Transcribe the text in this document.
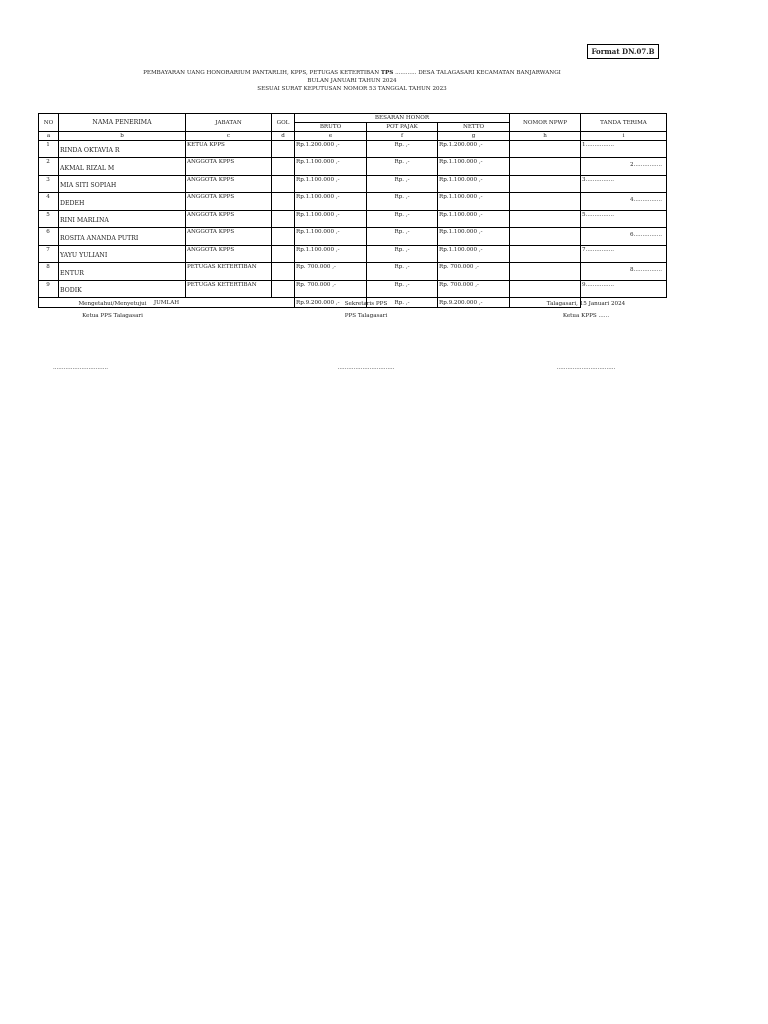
Format DN.07.B
PEMBAYARAN UANG HONORARIUM PANTARLIH, KPPS, PETUGAS KETERTIBAN TPS ............ DESA TALAGASARI KECAMATAN BANJARWANGI
BULAN JANUARI TAHUN 2024
SESUAI SURAT KEPUTUSAN NOMOR 53 TANGGAL TAHUN 2023
NO	NAMA PENERIMA	JABATAN	GOL	BESARAN HONOR			NOMOR NPWP	TANDA TERIMA
				BRUTO	POT PAJAK	NETTO		
a	b	c	d	e	f	g	h	i
1	RINDA OKTAVIA R	KETUA KPPS		Rp.1.200.000 ,-	Rp. ,-	Rp.1.200.000 ,-		1................
2	AKMAL RIZAL M	ANGGOTA KPPS		Rp.1.100.000 ,-	Rp. ,-	Rp.1.100.000 ,-		2................
3	MIA SITI SOPIAH	ANGGOTA KPPS		Rp.1.100.000 ,-	Rp. ,-	Rp.1.100.000 ,-		3................
4	DEDEH	ANGGOTA KPPS		Rp.1.100.000 ,-	Rp. ,-	Rp.1.100.000 ,-		4................
5	RINI MARLINA	ANGGOTA KPPS		Rp.1.100.000 ,-	Rp. ,-	Rp.1.100.000 ,-		5................
6	ROSITA ANANDA PUTRI	ANGGOTA KPPS		Rp.1.100.000 ,-	Rp. ,-	Rp.1.100.000 ,-		6................
7	YAYU YULIANI	ANGGOTA KPPS		Rp.1.100.000 ,-	Rp. ,-	Rp.1.100.000 ,-		7................
8	ENTUR	PETUGAS KETERTIBAN		Rp. 700.000 ,-	Rp. ,-	Rp. 700.000 ,-		8................
9	BODIK	PETUGAS KETERTIBAN		Rp. 700.000 ,-	Rp. ,-	Rp. 700.000 ,-		9................
JUMLAH				Rp.9.200.000 ,-	Rp. ,-	Rp.9.200.000 ,-		
Mengetahui/Menyetujui
Ketua PPS Talagasari
...............................
Sekretaris PPS
PPS Talagasari
................................
Talagasari, 15 Januari 2024
Ketua KPPS ......
.................................
